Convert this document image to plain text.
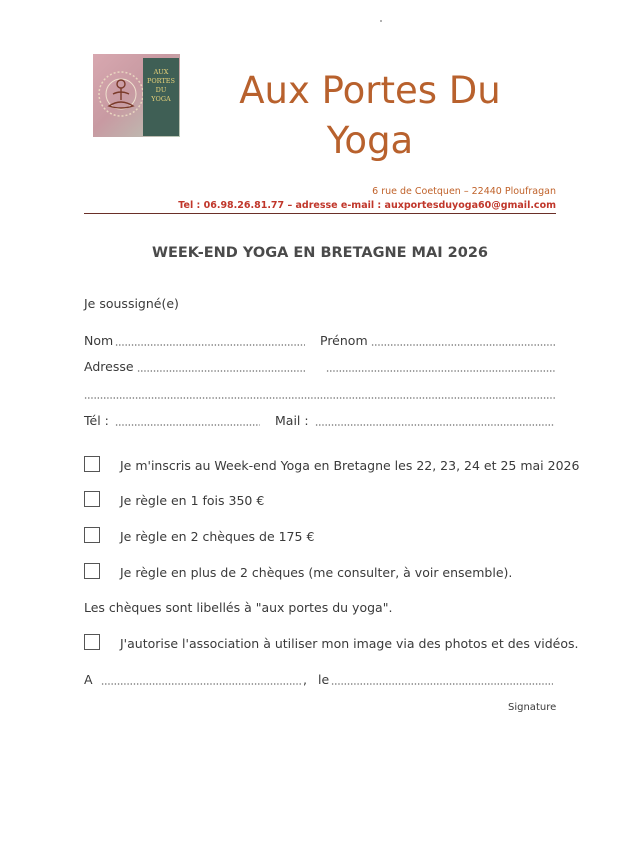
AUX
PORTES
DU
YOGA	Aux Portes Du
Yoga
6 rue de Coetquen – 22440 Ploufragan
Tel : 06.98.26.81.77 – adresse e-mail : auxportesduyoga60@gmail.com
WEEK-END YOGA EN BRETAGNE MAI 2026
Je soussigné(e)
Nom	Prénom
Adresse
Tél :	Mail :
Je m'inscris au Week-end Yoga en Bretagne les 22, 23, 24 et 25 mai 2026
Je règle en 1 fois 350 €
Je règle en 2 chèques de 175 €
Je règle en plus de 2 chèques (me consulter, à voir ensemble).
Les chèques sont libellés à "aux portes du yoga".
J'autorise l'association à utiliser mon image via des photos et des vidéos.
A	, le
Signature
